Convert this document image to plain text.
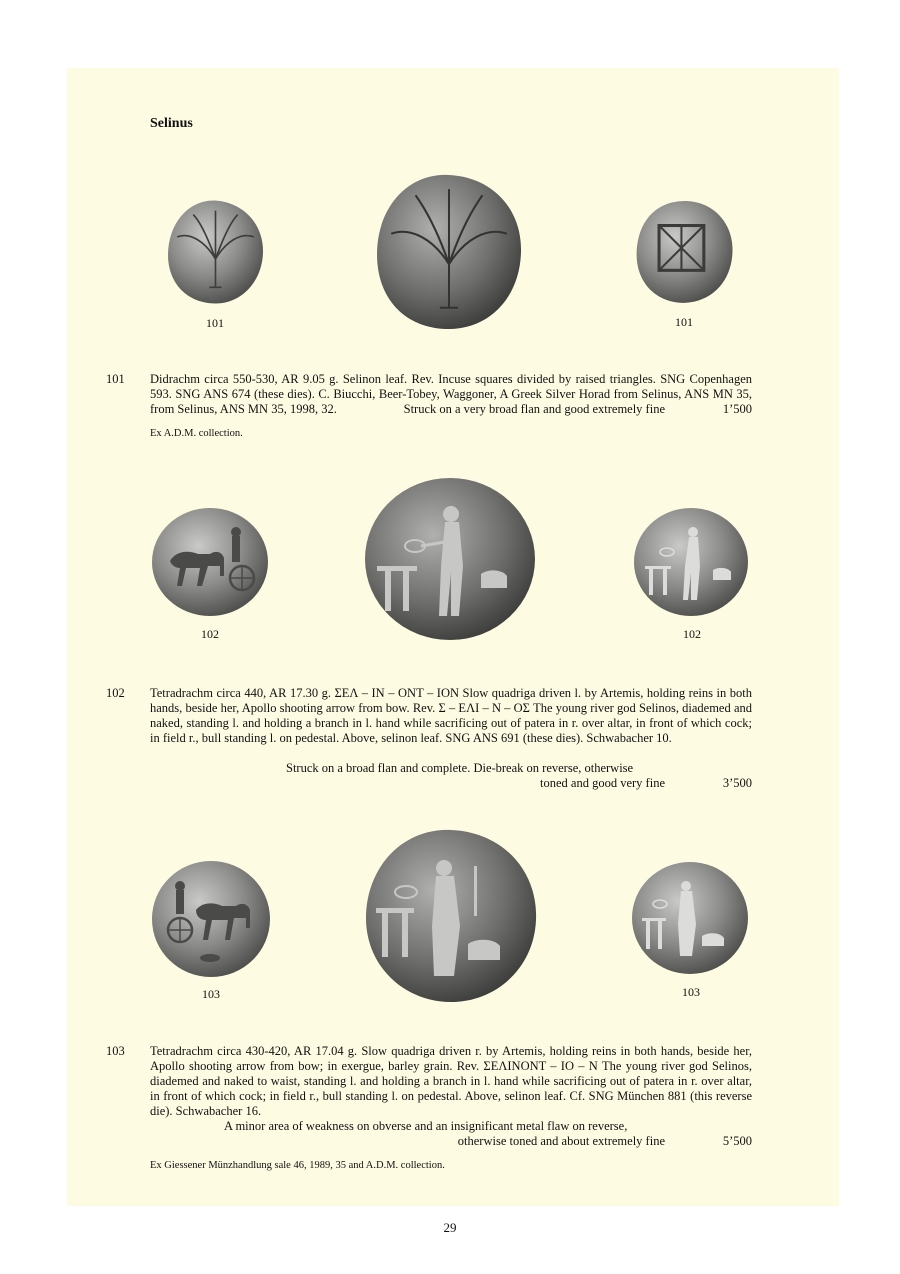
Selinus
101	101
101 Didrachm circa 550-530, AR 9.05 g. Selinon leaf. Rev. Incuse squares divided by raised triangles. SNG Copenhagen 593. SNG ANS 674 (these dies). C. Biucchi, Beer-Tobey, Waggoner, A Greek Silver Horad from Selinus, ANS MN 35,
from Selinus, ANS MN 35, 1998, 32.	Struck on a very broad flan and good extremely fine	1’500
Ex A.D.M. collection.
102	102
102 Tetradrachm circa 440, AR 17.30 g. ΣΕΛ – ΙΝ – ΟΝΤ – ΙΟΝ Slow quadriga driven l. by Artemis, holding reins in both hands, beside her, Apollo shooting arrow from bow. Rev. Σ – ΕΛΙ – Ν – ΟΣ The young river god Selinos, diademed and naked, standing l. and holding a branch in l. hand while sacrificing out of patera in r. over altar, in front of which cock; in field r., bull standing l. on pedestal. Above, selinon leaf. SNG ANS 691 (these dies). Schwabacher 10.
Struck on a broad flan and complete. Die-break on reverse, otherwise
toned and good very fine	3’500
103	103
103 Tetradrachm circa 430-420, AR 17.04 g. Slow quadriga driven r. by Artemis, holding reins in both hands, beside her, Apollo shooting arrow from bow; in exergue, barley grain. Rev. ΣΕΛΙΝΟΝΤ – ΙΟ – Ν The young river god Selinos, diademed and naked to waist, standing l. and holding a branch in l. hand while sacrificing out of patera in r. over altar, in front of which cock; in field r., bull standing l. on pedestal. Above, selinon leaf. Cf. SNG München 881 (this reverse die). Schwabacher 16.
A minor area of weakness on obverse and an insignificant metal flaw on reverse,
otherwise toned and about extremely fine	5’500
Ex Giessener Münzhandlung sale 46, 1989, 35 and A.D.M. collection.
29
